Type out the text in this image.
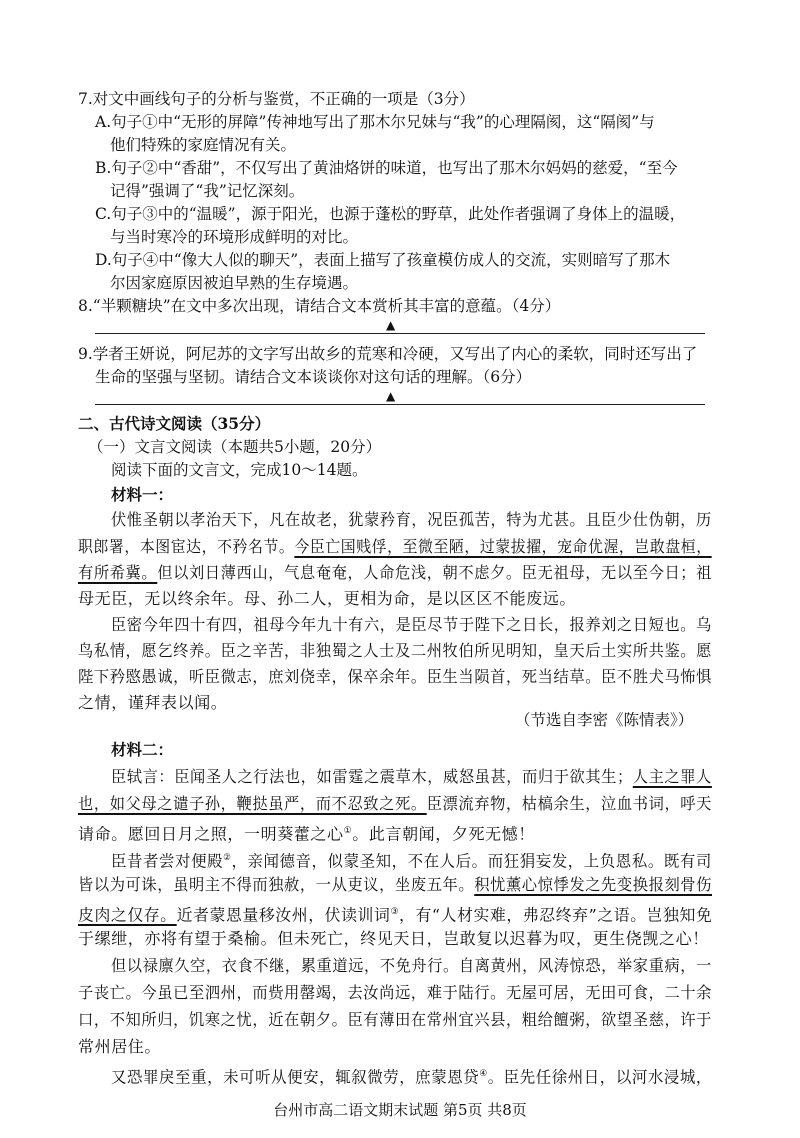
7.对文中画线句子的分析与鉴赏，不正确的一项是（3分）
A.句子①中“无形的屏障”传神地写出了那木尔兄妹与“我”的心理隔阂，这“隔阂”与
他们特殊的家庭情况有关。
B.句子②中“香甜”，不仅写出了黄油烙饼的味道，也写出了那木尔妈妈的慈爱，“至今
记得”强调了“我”记忆深刻。
C.句子③中的“温暖”，源于阳光，也源于蓬松的野草，此处作者强调了身体上的温暖，
与当时寒冷的环境形成鲜明的对比。
D.句子④中“像大人似的聊天”，表面上描写了孩童模仿成人的交流，实则暗写了那木
尔因家庭原因被迫早熟的生存境遇。
8.“半颗糖块”在文中多次出现，请结合文本赏析其丰富的意蕴。（4分）
▲
9.学者王妍说，阿尼苏的文字写出故乡的荒寒和冷硬，又写出了内心的柔软，同时还写出了
生命的坚强与坚韧。请结合文本谈谈你对这句话的理解。（6分）
▲
二、古代诗文阅读（35分）
（一）文言文阅读（本题共5小题，20分）
阅读下面的文言文，完成10～14题。
材料一：
伏惟圣朝以孝治天下，凡在故老，犹蒙矜育，况臣孤苦，特为尤甚。且臣少仕伪朝，历
职郎署，本图宦达，不矜名节。今臣亡国贱俘，至微至陋，过蒙拔擢，宠命优渥，岂敢盘桓，
有所希冀。但以刘日薄西山，气息奄奄，人命危浅，朝不虑夕。臣无祖母，无以至今日；祖
母无臣，无以终余年。母、孙二人，更相为命，是以区区不能废远。
臣密今年四十有四，祖母今年九十有六，是臣尽节于陛下之日长，报养刘之日短也。乌
鸟私情，愿乞终养。臣之辛苦，非独蜀之人士及二州牧伯所见明知，皇天后土实所共鉴。愿
陛下矜愍愚诚，听臣微志，庶刘侥幸，保卒余年。臣生当陨首，死当结草。臣不胜犬马怖惧
之情，谨拜表以闻。
（节选自李密《陈情表》）
材料二：
臣轼言：臣闻圣人之行法也，如雷霆之震草木，威怒虽甚，而归于欲其生；人主之罪人
也，如父母之谴子孙，鞭挞虽严，而不忍致之死。臣漂流弃物，枯槁余生，泣血书词，呼天
请命。愿回日月之照，一明葵藿之心①。此言朝闻，夕死无憾！
臣昔者尝对便殿②，亲闻德音，似蒙圣知，不在人后。而狂狷妄发，上负恩私。既有司
皆以为可诛，虽明主不得而独赦，一从吏议，坐废五年。积忧薰心惊悸发之先变换报刻骨伤
皮肉之仅存。近者蒙恩量移汝州，伏读训词③，有“人材实难，弗忍终弃”之语。岂独知免
于缧绁，亦将有望于桑榆。但未死亡，终见天日，岂敢复以迟暮为叹，更生侥觊之心！
但以禄廪久空，衣食不继，累重道远，不免舟行。自离黄州，风涛惊恐，举家重病，一
子丧亡。今虽已至泗州，而赀用罄竭，去汝尚远，难于陆行。无屋可居，无田可食，二十余
口，不知所归，饥寒之忧，近在朝夕。臣有薄田在常州宜兴县，粗给饘粥，欲望圣慈，许于
常州居住。
又恐罪戾至重，未可听从便安，辄叙微劳，庶蒙恩贷④。臣先任徐州日，以河水浸城，
台州市高二语文期末试题 第5页 共8页
